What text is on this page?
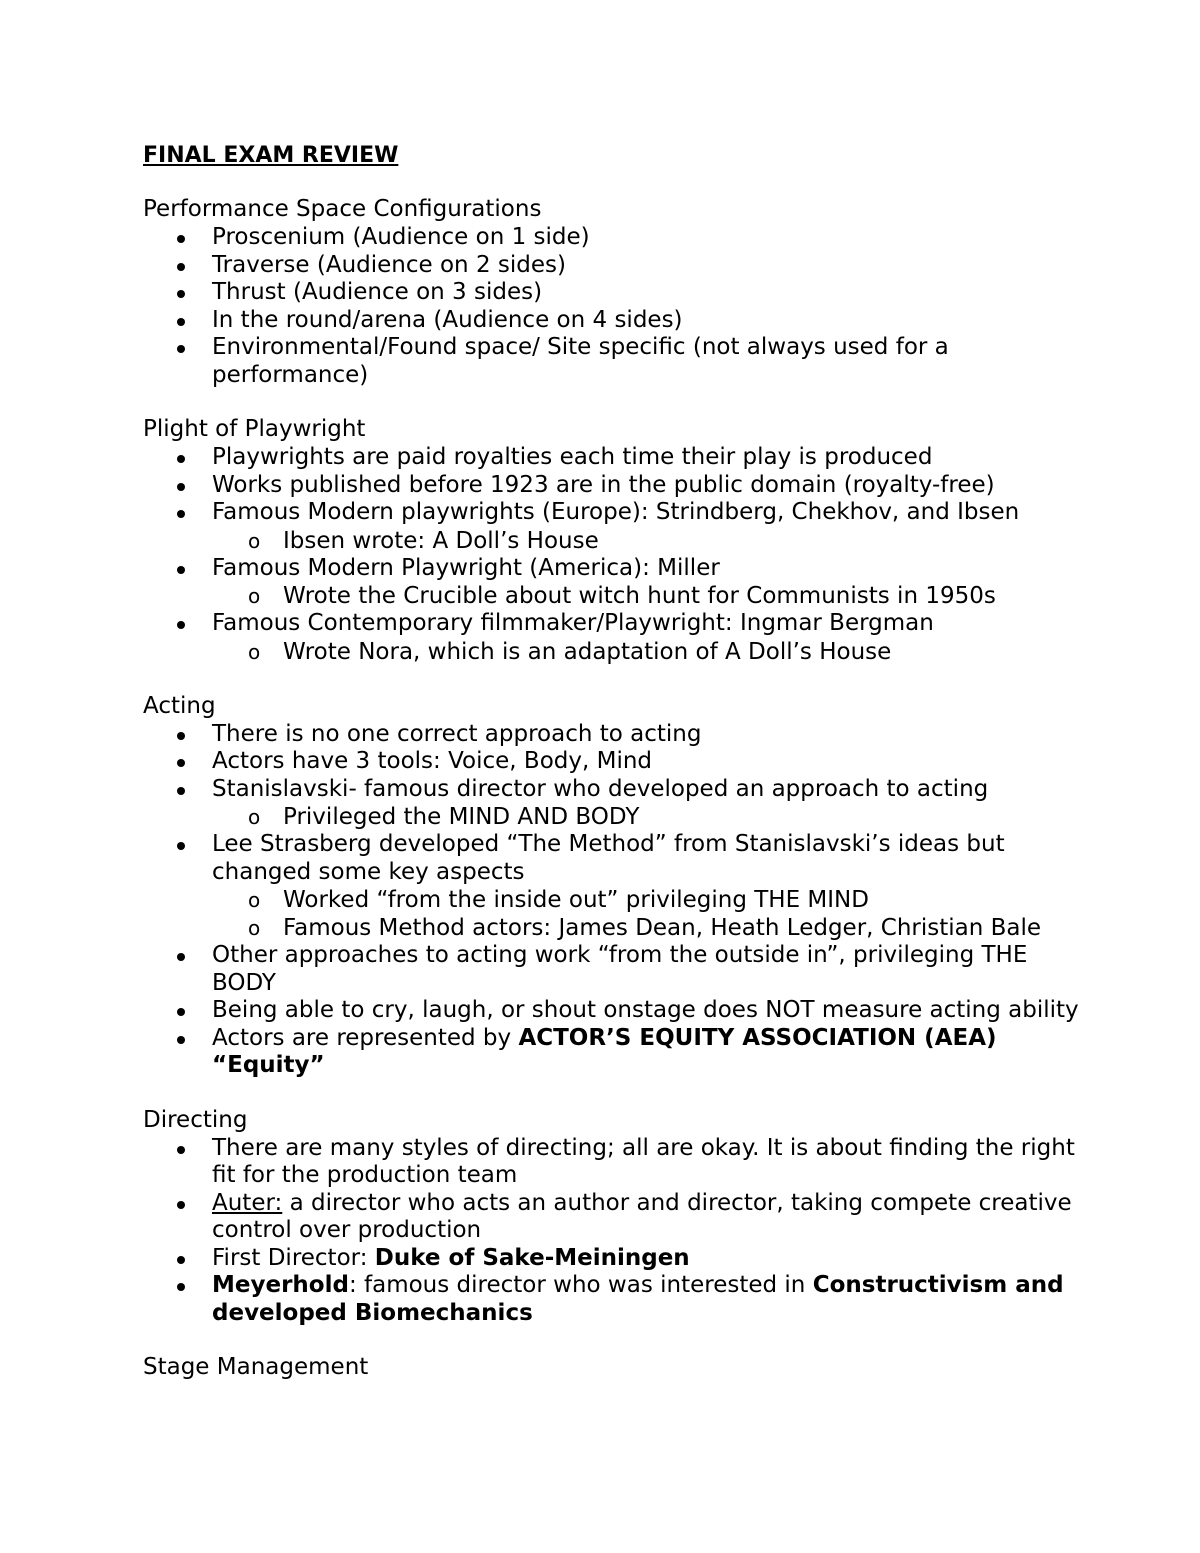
FINAL EXAM REVIEW
Performance Space Configurations
Proscenium (Audience on 1 side)
Traverse (Audience on 2 sides)
Thrust (Audience on 3 sides)
In the round/arena (Audience on 4 sides)
Environmental/Found space/ Site specific (not always used for a performance)
Plight of Playwright
Playwrights are paid royalties each time their play is produced
Works published before 1923 are in the public domain (royalty-free)
Famous Modern playwrights (Europe): Strindberg, Chekhov, and Ibsen
o Ibsen wrote: A Doll’s House
Famous Modern Playwright (America): Miller
o Wrote the Crucible about witch hunt for Communists in 1950s
Famous Contemporary filmmaker/Playwright: Ingmar Bergman
o Wrote Nora, which is an adaptation of A Doll’s House
Acting
There is no one correct approach to acting
Actors have 3 tools: Voice, Body, Mind
Stanislavski- famous director who developed an approach to acting
o Privileged the MIND AND BODY
Lee Strasberg developed “The Method” from Stanislavski’s ideas but changed some key aspects
o Worked “from the inside out” privileging THE MIND
o Famous Method actors: James Dean, Heath Ledger, Christian Bale
Other approaches to acting work “from the outside in”, privileging THE BODY
Being able to cry, laugh, or shout onstage does NOT measure acting ability
Actors are represented by ACTOR’S EQUITY ASSOCIATION (AEA) “Equity”
Directing
There are many styles of directing; all are okay. It is about finding the right fit for the production team
Auter: a director who acts an author and director, taking compete creative control over production
First Director: Duke of Sake-Meiningen
Meyerhold: famous director who was interested in Constructivism and developed Biomechanics
Stage Management
